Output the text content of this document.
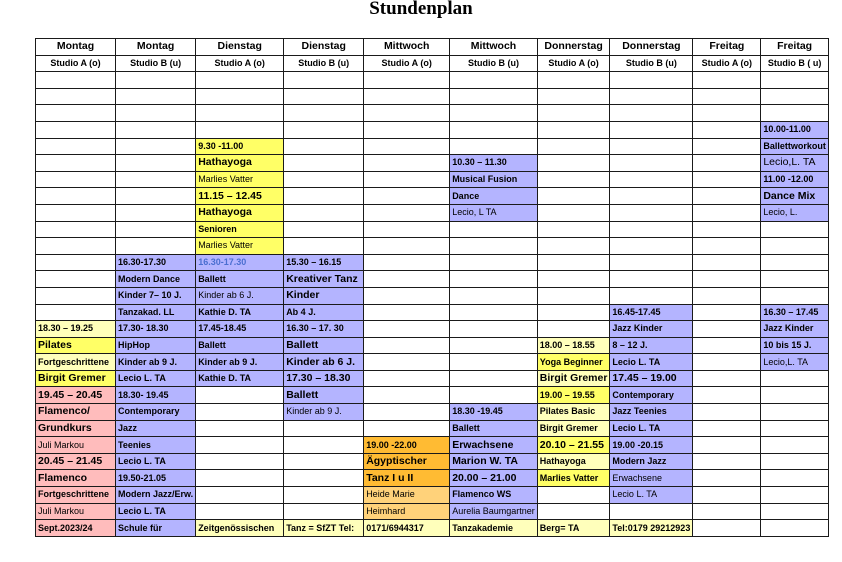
Stundenplan
Montag	Montag	Dienstag	Dienstag	Mittwoch	Mittwoch	Donnerstag	Donnerstag	Freitag	Freitag
Studio A (o)	Studio B (u)	Studio A (o)	Studio B (u)	Studio A (o)	Studio B (u)	Studio A (o)	Studio B (u)	Studio A (o)	Studio B ( u)

									10.00-11.00
		9.30 -11.00							Ballettworkout
		Hathayoga			10.30 – 11.30				Lecio,L. TA
		Marlies Vatter			Musical Fusion				11.00 -12.00
		11.15 – 12.45			Dance				Dance Mix
		Hathayoga			Lecio, L TA				Lecio, L.
		Senioren							
		Marlies Vatter							
	16.30-17.30	16.30-17.30	15.30 – 16.15						
	Modern Dance	Ballett	Kreativer Tanz						
	Kinder 7– 10 J.	Kinder ab 6 J.	Kinder						
	Tanzakad. LL	Kathie D. TA	Ab 4 J.				16.45-17.45		16.30 – 17.45
18.30 – 19.25	17.30- 18.30	17.45-18.45	16.30 – 17. 30				Jazz Kinder		Jazz Kinder
Pilates	HipHop	Ballett	Ballett			18.00 – 18.55	8 – 12 J.		10 bis 15 J.
Fortgeschrittene	Kinder ab 9 J.	Kinder ab 9 J.	Kinder ab 6 J.			Yoga Beginner	Lecio L. TA		Lecio,L. TA
Birgit Gremer	Lecio L. TA	Kathie D. TA	17.30 – 18.30			Birgit Gremer	17.45 – 19.00		
19.45 – 20.45	18.30- 19.45		Ballett			19.00 – 19.55	Contemporary		
Flamenco/	Contemporary		Kinder ab 9 J.		18.30 -19.45	Pilates Basic	Jazz Teenies		
Grundkurs	Jazz				Ballett	Birgit Gremer	Lecio L. TA		
Juli Markou	Teenies			19.00 -22.00	Erwachsene	20.10 – 21.55	19.00 -20.15		
20.45 – 21.45	Lecio L. TA			Ägyptischer	Marion W. TA	Hathayoga	Modern Jazz		
Flamenco	19.50-21.05			Tanz I u II	20.00 – 21.00	Marlies Vatter	Erwachsene		
Fortgeschrittene	Modern Jazz/Erw.			Heide Marie	Flamenco WS		Lecio L. TA		
Juli Markou	Lecio L. TA			Heimhard	Aurelia Baumgartner				
Sept.2023/24	Schule für	Zeitgenössischen	Tanz = SfZT Tel:	0171/6944317	Tanzakademie	Berg= TA	Tel:0179 29212923		
